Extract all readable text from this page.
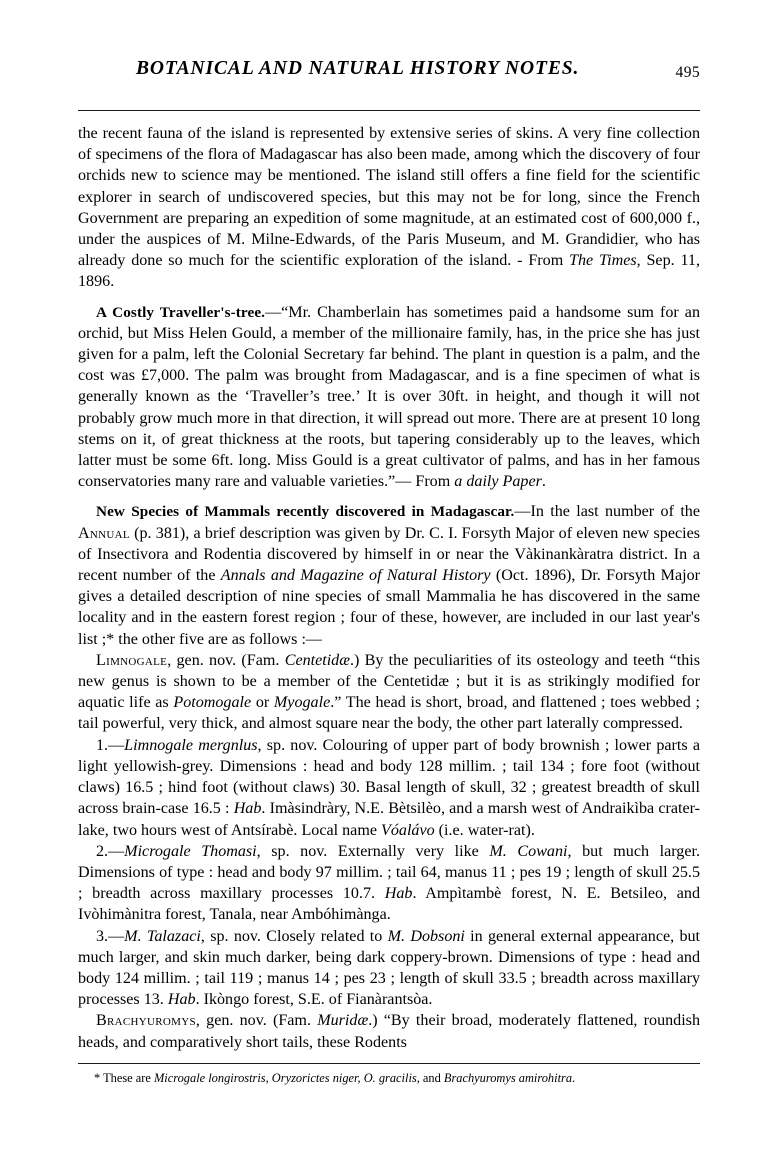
BOTANICAL AND NATURAL HISTORY NOTES.	495

the recent fauna of the island is represented by extensive series of skins. A very fine collection of specimens of the flora of Madagascar has also been made, among which the discovery of four orchids new to science may be mentioned. The island still offers a fine field for the scientific explorer in search of undiscovered species, but this may not be for long, since the French Government are preparing an expedition of some magnitude, at an estimated cost of 600,000 f., under the auspices of M. Milne-Edwards, of the Paris Museum, and M. Grandidier, who has already done so much for the scientific exploration of the island. - From The Times, Sep. 11, 1896.

A Costly Traveller's-tree.—“Mr. Chamberlain has sometimes paid a handsome sum for an orchid, but Miss Helen Gould, a member of the millionaire family, has, in the price she has just given for a palm, left the Colonial Secretary far behind. The plant in question is a palm, and the cost was £7,000. The palm was brought from Madagascar, and is a fine specimen of what is generally known as the ‘Traveller’s tree.’ It is over 30ft. in height, and though it will not probably grow much more in that direction, it will spread out more. There are at present 10 long stems on it, of great thickness at the roots, but tapering considerably up to the leaves, which latter must be some 6ft. long. Miss Gould is a great cultivator of palms, and has in her famous conservatories many rare and valuable varieties.”— From a daily Paper.

New Species of Mammals recently discovered in Madagascar.—In the last number of the Annual (p. 381), a brief description was given by Dr. C. I. Forsyth Major of eleven new species of Insectivora and Rodentia discovered by himself in or near the Vàkinankàratra district. In a recent number of the Annals and Magazine of Natural History (Oct. 1896), Dr. Forsyth Major gives a detailed description of nine species of small Mammalia he has discovered in the same locality and in the eastern forest region ; four of these, however, are included in our last year's list ;* the other five are as follows :—

Limnogale, gen. nov. (Fam. Centetidæ.) By the peculiarities of its osteology and teeth “this new genus is shown to be a member of the Centetidæ ; but it is as strikingly modified for aquatic life as Potomogale or Myogale.” The head is short, broad, and flattened ; toes webbed ; tail powerful, very thick, and almost square near the body, the other part laterally compressed.

1.—Limnogale mergnlus, sp. nov. Colouring of upper part of body brownish ; lower parts a light yellowish-grey. Dimensions : head and body 128 millim. ; tail 134 ; fore foot (without claws) 16.5 ; hind foot (without claws) 30. Basal length of skull, 32 ; greatest breadth of skull across brain-case 16.5 : Hab. Imàsindràry, N.E. Bètsilèo, and a marsh west of Andraikìba crater-lake, two hours west of Antsírabè. Local name Vóalávo (i.e. water-rat).

2.—Microgale Thomasi, sp. nov. Externally very like M. Cowani, but much larger. Dimensions of type : head and body 97 millim. ; tail 64, manus 11 ; pes 19 ; length of skull 25.5 ; breadth across maxillary processes 10.7. Hab. Ampìtambè forest, N. E. Betsileo, and Ivòhimànitra forest, Tanala, near Ambóhimànga.

3.—M. Talazaci, sp. nov. Closely related to M. Dobsoni in general external appearance, but much larger, and skin much darker, being dark coppery-brown. Dimensions of type : head and body 124 millim. ; tail 119 ; manus 14 ; pes 23 ; length of skull 33.5 ; breadth across maxillary processes 13. Hab. Ikòngo forest, S.E. of Fianàrantsòa.

Brachyuromys, gen. nov. (Fam. Muridæ.) “By their broad, moderately flattened, roundish heads, and comparatively short tails, these Rodents

* These are Microgale longirostris, Oryzorictes niger, O. gracilis, and Brachyuromys amirohitra.
